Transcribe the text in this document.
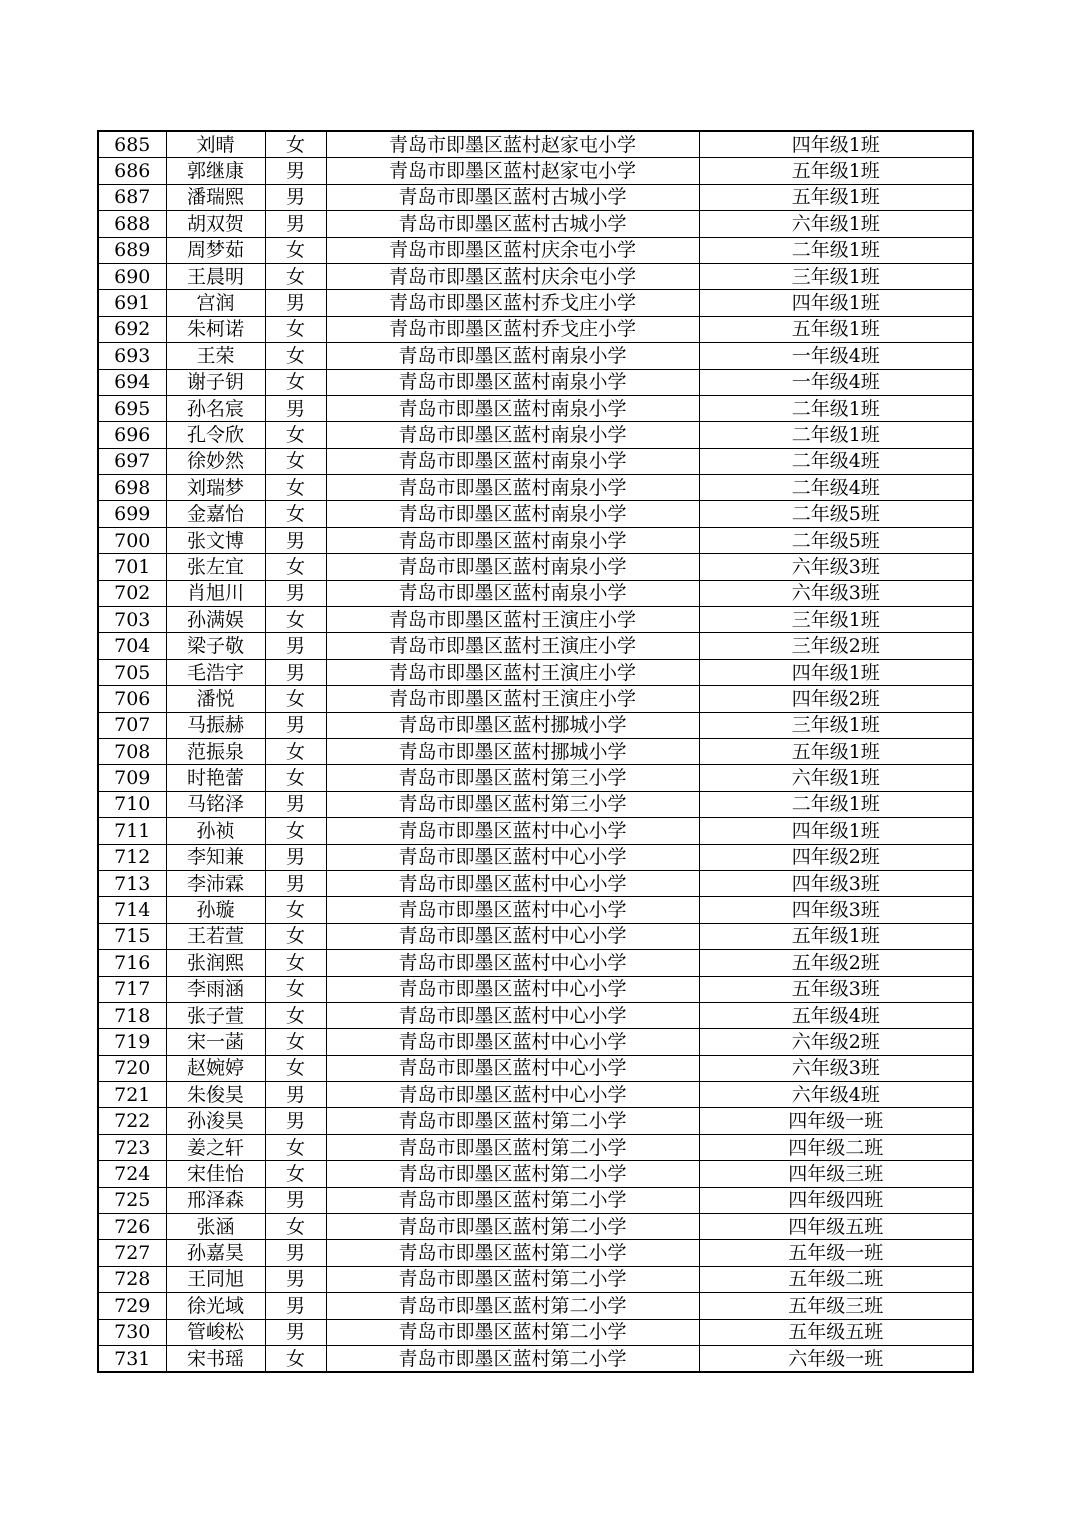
685	刘晴	女	青岛市即墨区蓝村赵家屯小学	四年级1班
686	郭继康	男	青岛市即墨区蓝村赵家屯小学	五年级1班
687	潘瑞熙	男	青岛市即墨区蓝村古城小学	五年级1班
688	胡双贺	男	青岛市即墨区蓝村古城小学	六年级1班
689	周梦茹	女	青岛市即墨区蓝村庆余屯小学	二年级1班
690	王晨明	女	青岛市即墨区蓝村庆余屯小学	三年级1班
691	宫润	男	青岛市即墨区蓝村乔戈庄小学	四年级1班
692	朱柯诺	女	青岛市即墨区蓝村乔戈庄小学	五年级1班
693	王荣	女	青岛市即墨区蓝村南泉小学	一年级4班
694	谢子钥	女	青岛市即墨区蓝村南泉小学	一年级4班
695	孙名宸	男	青岛市即墨区蓝村南泉小学	二年级1班
696	孔令欣	女	青岛市即墨区蓝村南泉小学	二年级1班
697	徐妙然	女	青岛市即墨区蓝村南泉小学	二年级4班
698	刘瑞梦	女	青岛市即墨区蓝村南泉小学	二年级4班
699	金嘉怡	女	青岛市即墨区蓝村南泉小学	二年级5班
700	张文博	男	青岛市即墨区蓝村南泉小学	二年级5班
701	张左宜	女	青岛市即墨区蓝村南泉小学	六年级3班
702	肖旭川	男	青岛市即墨区蓝村南泉小学	六年级3班
703	孙满娱	女	青岛市即墨区蓝村王演庄小学	三年级1班
704	梁子敬	男	青岛市即墨区蓝村王演庄小学	三年级2班
705	毛浩宇	男	青岛市即墨区蓝村王演庄小学	四年级1班
706	潘悦	女	青岛市即墨区蓝村王演庄小学	四年级2班
707	马振赫	男	青岛市即墨区蓝村挪城小学	三年级1班
708	范振泉	女	青岛市即墨区蓝村挪城小学	五年级1班
709	时艳蕾	女	青岛市即墨区蓝村第三小学	六年级1班
710	马铭泽	男	青岛市即墨区蓝村第三小学	二年级1班
711	孙祯	女	青岛市即墨区蓝村中心小学	四年级1班
712	李知兼	男	青岛市即墨区蓝村中心小学	四年级2班
713	李沛霖	男	青岛市即墨区蓝村中心小学	四年级3班
714	孙璇	女	青岛市即墨区蓝村中心小学	四年级3班
715	王若萱	女	青岛市即墨区蓝村中心小学	五年级1班
716	张润熙	女	青岛市即墨区蓝村中心小学	五年级2班
717	李雨涵	女	青岛市即墨区蓝村中心小学	五年级3班
718	张子萱	女	青岛市即墨区蓝村中心小学	五年级4班
719	宋一菡	女	青岛市即墨区蓝村中心小学	六年级2班
720	赵婉婷	女	青岛市即墨区蓝村中心小学	六年级3班
721	朱俊昊	男	青岛市即墨区蓝村中心小学	六年级4班
722	孙浚昊	男	青岛市即墨区蓝村第二小学	四年级一班
723	姜之轩	女	青岛市即墨区蓝村第二小学	四年级二班
724	宋佳怡	女	青岛市即墨区蓝村第二小学	四年级三班
725	邢泽森	男	青岛市即墨区蓝村第二小学	四年级四班
726	张涵	女	青岛市即墨区蓝村第二小学	四年级五班
727	孙嘉昊	男	青岛市即墨区蓝村第二小学	五年级一班
728	王同旭	男	青岛市即墨区蓝村第二小学	五年级二班
729	徐光域	男	青岛市即墨区蓝村第二小学	五年级三班
730	管峻松	男	青岛市即墨区蓝村第二小学	五年级五班
731	宋书瑶	女	青岛市即墨区蓝村第二小学	六年级一班
